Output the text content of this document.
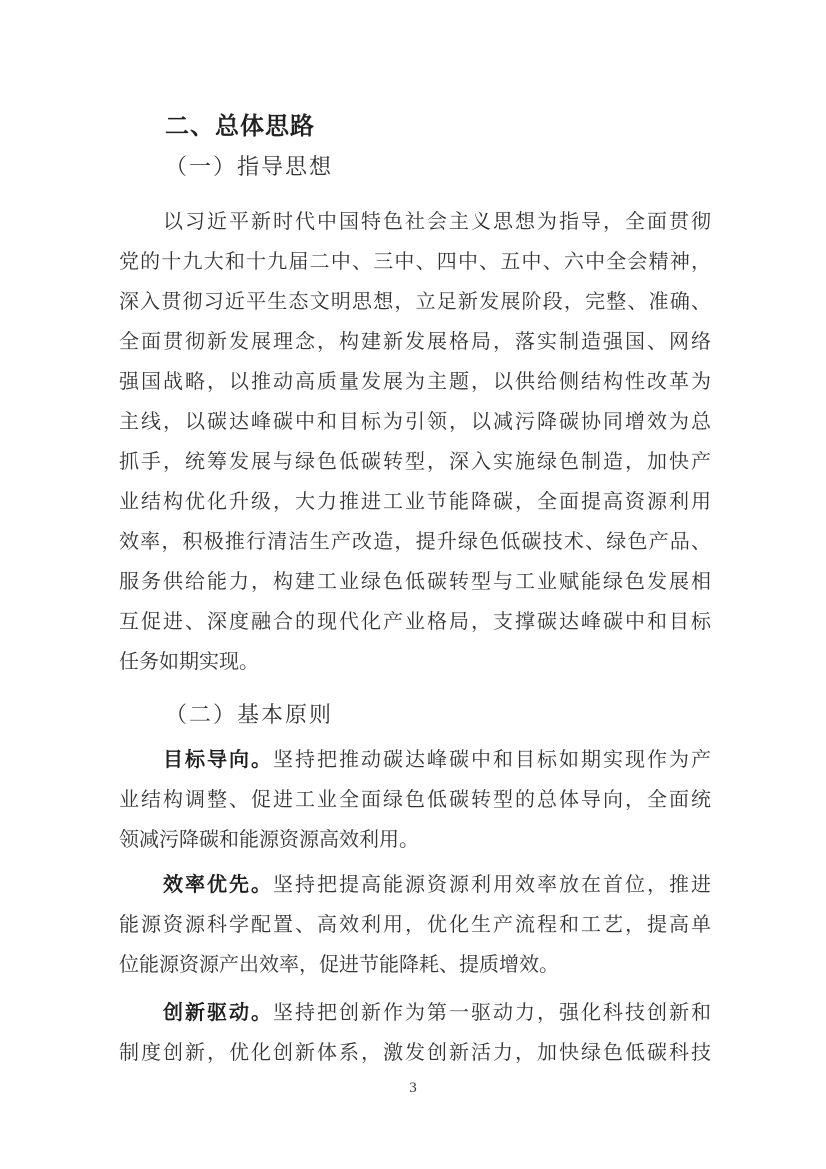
二、总体思路
（一）指导思想
以习近平新时代中国特色社会主义思想为指导，全面贯彻
党的十九大和十九届二中、三中、四中、五中、六中全会精神，
深入贯彻习近平生态文明思想，立足新发展阶段，完整、准确、
全面贯彻新发展理念，构建新发展格局，落实制造强国、网络
强国战略，以推动高质量发展为主题，以供给侧结构性改革为
主线，以碳达峰碳中和目标为引领，以减污降碳协同增效为总
抓手，统筹发展与绿色低碳转型，深入实施绿色制造，加快产
业结构优化升级，大力推进工业节能降碳，全面提高资源利用
效率，积极推行清洁生产改造，提升绿色低碳技术、绿色产品、
服务供给能力，构建工业绿色低碳转型与工业赋能绿色发展相
互促进、深度融合的现代化产业格局，支撑碳达峰碳中和目标
任务如期实现。
（二）基本原则
目标导向。坚持把推动碳达峰碳中和目标如期实现作为产
业结构调整、促进工业全面绿色低碳转型的总体导向，全面统
领减污降碳和能源资源高效利用。
效率优先。坚持把提高能源资源利用效率放在首位，推进
能源资源科学配置、高效利用，优化生产流程和工艺，提高单
位能源资源产出效率，促进节能降耗、提质增效。
创新驱动。坚持把创新作为第一驱动力，强化科技创新和
制度创新，优化创新体系，激发创新活力，加快绿色低碳科技
3
